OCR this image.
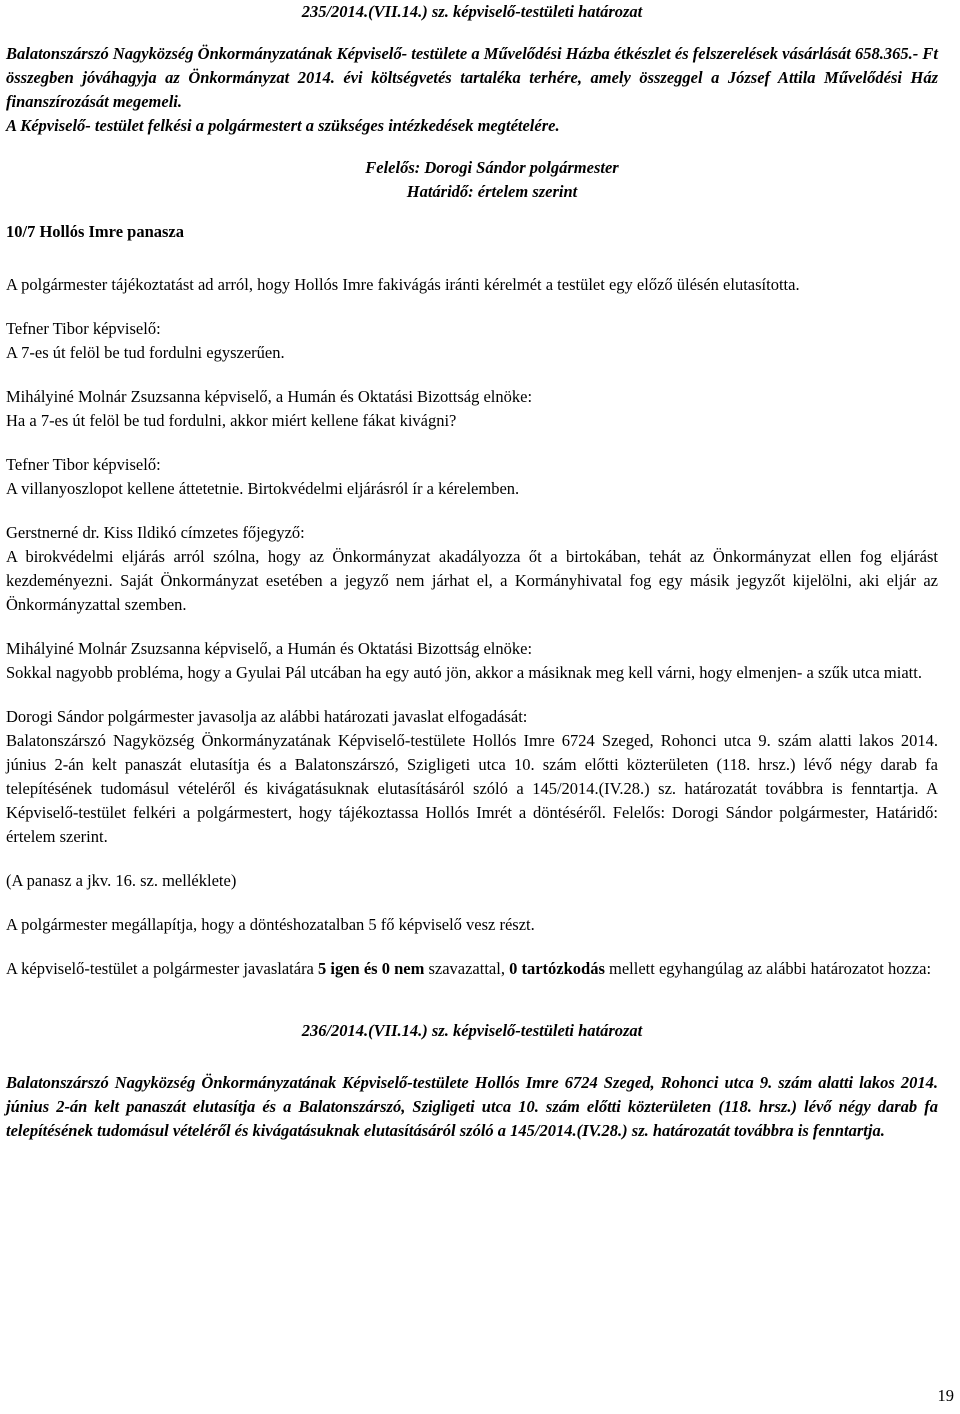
235/2014.(VII.14.) sz. képviselő-testületi határozat

Balatonszárszó Nagyközség Önkormányzatának Képviselő- testülete a Művelődési Házba étkészlet és felszerelések vásárlását 658.365.- Ft összegben jóváhagyja az Önkormányzat 2014. évi költségvetés tartaléka terhére, amely összeggel a József Attila Művelődési Ház finanszírozását megemeli.

A Képviselő- testület felkési a polgármestert a szükséges intézkedések megtételére.

Felelős: Dorogi Sándor polgármester

Határidő: értelem szerint

10/7 Hollós Imre panasza

A polgármester tájékoztatást ad arról, hogy Hollós Imre fakivágás iránti kérelmét a testület egy előző ülésén elutasította.

Tefner Tibor képviselő:

A 7-es út felöl be tud fordulni egyszerűen.

Mihályiné Molnár Zsuzsanna képviselő, a Humán és Oktatási Bizottság elnöke:

Ha a 7-es út felöl be tud fordulni, akkor miért kellene fákat kivágni?

Tefner Tibor képviselő:

A villanyoszlopot kellene áttetetnie. Birtokvédelmi eljárásról ír a kérelemben.

Gerstnerné dr. Kiss Ildikó címzetes főjegyző:

A birokvédelmi eljárás arról szólna, hogy az Önkormányzat akadályozza őt a birtokában, tehát az Önkormányzat ellen fog eljárást kezdeményezni. Saját Önkormányzat esetében a jegyző nem járhat el, a Kormányhivatal fog egy másik jegyzőt kijelölni, aki eljár az Önkormányzattal szemben.

Mihályiné Molnár Zsuzsanna képviselő, a Humán és Oktatási Bizottság elnöke:

Sokkal nagyobb probléma, hogy a Gyulai Pál utcában ha egy autó jön, akkor a másiknak meg kell várni, hogy elmenjen- a szűk utca miatt.

Dorogi Sándor polgármester javasolja az alábbi határozati javaslat elfogadását:

Balatonszárszó Nagyközség Önkormányzatának Képviselő-testülete Hollós Imre 6724 Szeged, Rohonci utca 9. szám alatti lakos 2014. június 2-án kelt panaszát elutasítja és a Balatonszárszó, Szigligeti utca 10. szám előtti közterületen (118. hrsz.) lévő négy darab fa telepítésének tudomásul vételéről és kivágatásuknak elutasításáról szóló a 145/2014.(IV.28.) sz. határozatát továbbra is fenntartja. A Képviselő-testület felkéri a polgármestert, hogy tájékoztassa Hollós Imrét a döntéséről. Felelős: Dorogi Sándor polgármester, Határidő: értelem szerint.

(A panasz a jkv. 16. sz. melléklete)

A polgármester megállapítja, hogy a döntéshozatalban 5 fő képviselő vesz részt.

A képviselő-testület a polgármester javaslatára 5 igen és 0 nem szavazattal, 0 tartózkodás mellett egyhangúlag az alábbi határozatot hozza:

236/2014.(VII.14.) sz. képviselő-testületi határozat

Balatonszárszó Nagyközség Önkormányzatának Képviselő-testülete Hollós Imre 6724 Szeged, Rohonci utca 9. szám alatti lakos 2014. június 2-án kelt panaszát elutasítja és a Balatonszárszó, Szigligeti utca 10. szám előtti közterületen (118. hrsz.) lévő négy darab fa telepítésének tudomásul vételéről és kivágatásuknak elutasításáról szóló a 145/2014.(IV.28.) sz. határozatát továbbra is fenntartja.

19
